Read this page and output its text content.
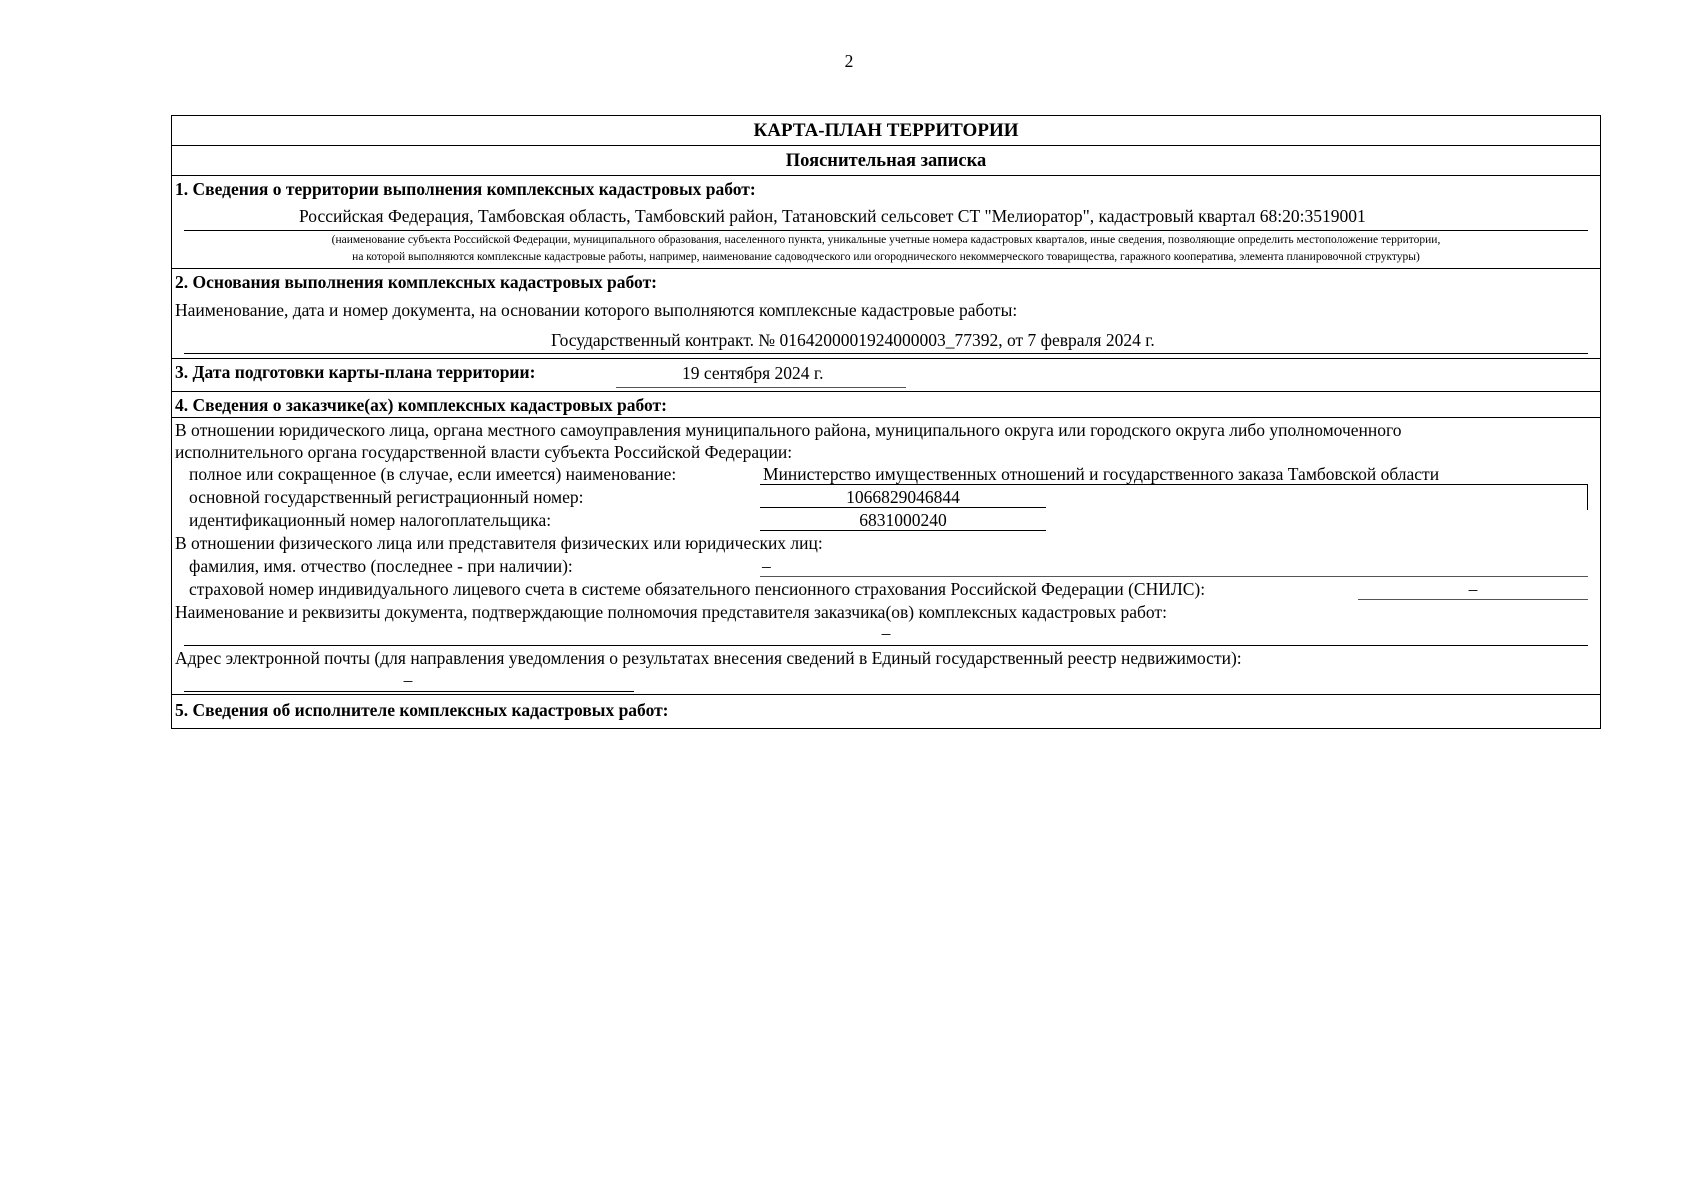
2
КАРТА-ПЛАН ТЕРРИТОРИИ
Пояснительная записка
1. Сведения о территории выполнения комплексных кадастровых работ:
Российская Федерация, Тамбовская область, Тамбовский район, Татановский сельсовет СТ "Мелиоратор", кадастровый квартал 68:20:3519001
(наименование субъекта Российской Федерации, муниципального образования, населенного пункта, уникальные учетные номера кадастровых кварталов, иные сведения, позволяющие определить местоположение территории,
на которой выполняются комплексные кадастровые работы, например, наименование садоводческого или огороднического некоммерческого товарищества, гаражного кооператива, элемента планировочной структуры)
2. Основания выполнения комплексных кадастровых работ:
Наименование, дата и номер документа, на основании которого выполняются комплексные кадастровые работы:
Государственный контракт. № 0164200001924000003_77392, от 7 февраля 2024 г.
3. Дата подготовки карты-плана территории:	19 сентября 2024 г.
4. Сведения о заказчике(ах) комплексных кадастровых работ:
В отношении юридического лица, органа местного самоуправления муниципального района, муниципального округа или городского округа либо уполномоченного
исполнительного органа государственной власти субъекта Российской Федерации:
полное или сокращенное (в случае, если имеется) наименование:	Министерство имущественных отношений и государственного заказа Тамбовской области
основной государственный регистрационный номер:	1066829046844
идентификационный номер налогоплательщика:	6831000240
В отношении физического лица или представителя физических или юридических лиц:
фамилия, имя. отчество (последнее - при наличии):	–
страховой номер индивидуального лицевого счета в системе обязательного пенсионного страхования Российской Федерации (СНИЛС):	–
Наименование и реквизиты документа, подтверждающие полномочия представителя заказчика(ов) комплексных кадастровых работ:
–
Адрес электронной почты (для направления уведомления о результатах внесения сведений в Единый государственный реестр недвижимости):
–
5. Сведения об исполнителе комплексных кадастровых работ:
